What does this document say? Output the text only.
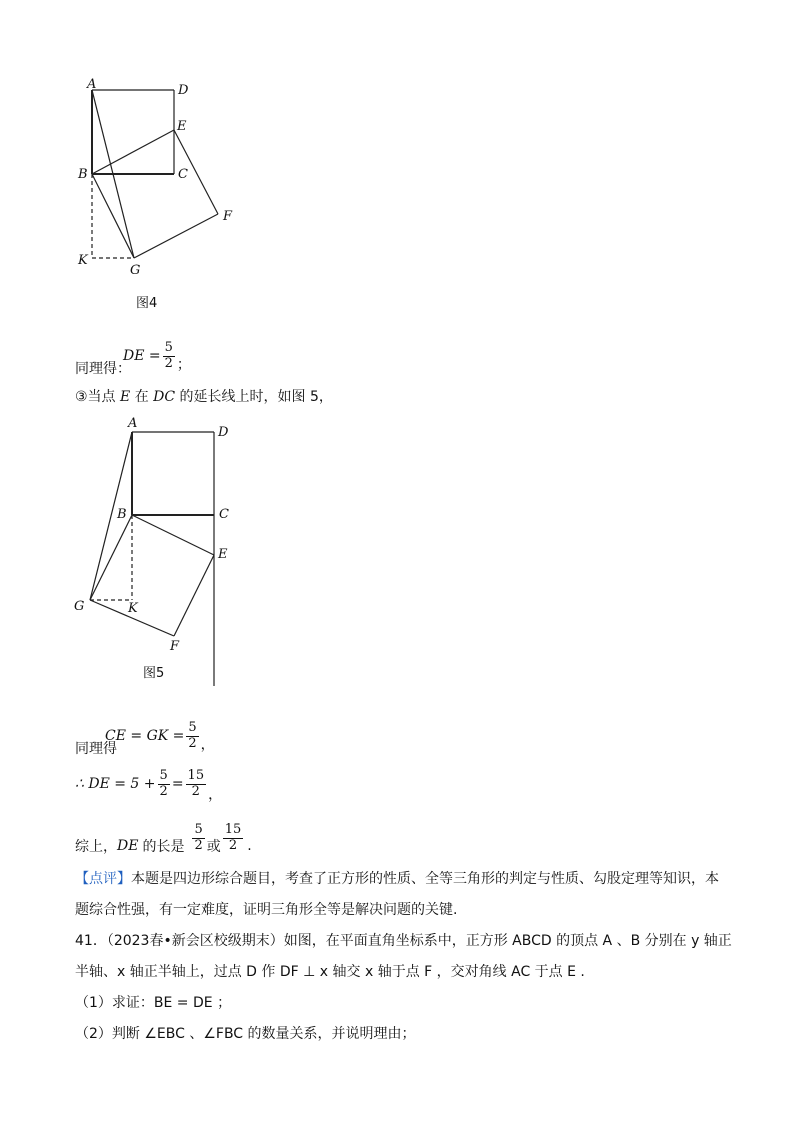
A	D
E
B	C
F
K
G
图4
同理得：
DE = $\frac{5}{2}$ ；
③当点 E 在 DC 的延长线上时，如图 5，
A
D
B	C
E
G	K
F
图5
同理得
CE = GK = $\frac{5}{2}$ ，
∴ DE = $5 + \frac{5}{2} = \frac{15}{2}$ ，
综上， DE 的长是 $\frac{5}{2}$ 或 $\frac{15}{2}$ .
【点评】本题是四边形综合题目，考查了正方形的性质、全等三角形的判定与性质、勾股定理等知识，本
题综合性强，有一定难度，证明三角形全等是解决问题的关键.
41．（2023春•新会区校级期末）如图，在平面直角坐标系中，正方形 ABCD 的顶点 A 、B 分别在 y 轴正
半轴、x 轴正半轴上，过点 D 作 DF ⊥ x 轴交 x 轴于点 F ，交对角线 AC 于点 E .
（1）求证：BE = DE ；
（2）判断 ∠EBC 、∠FBC 的数量关系，并说明理由；
